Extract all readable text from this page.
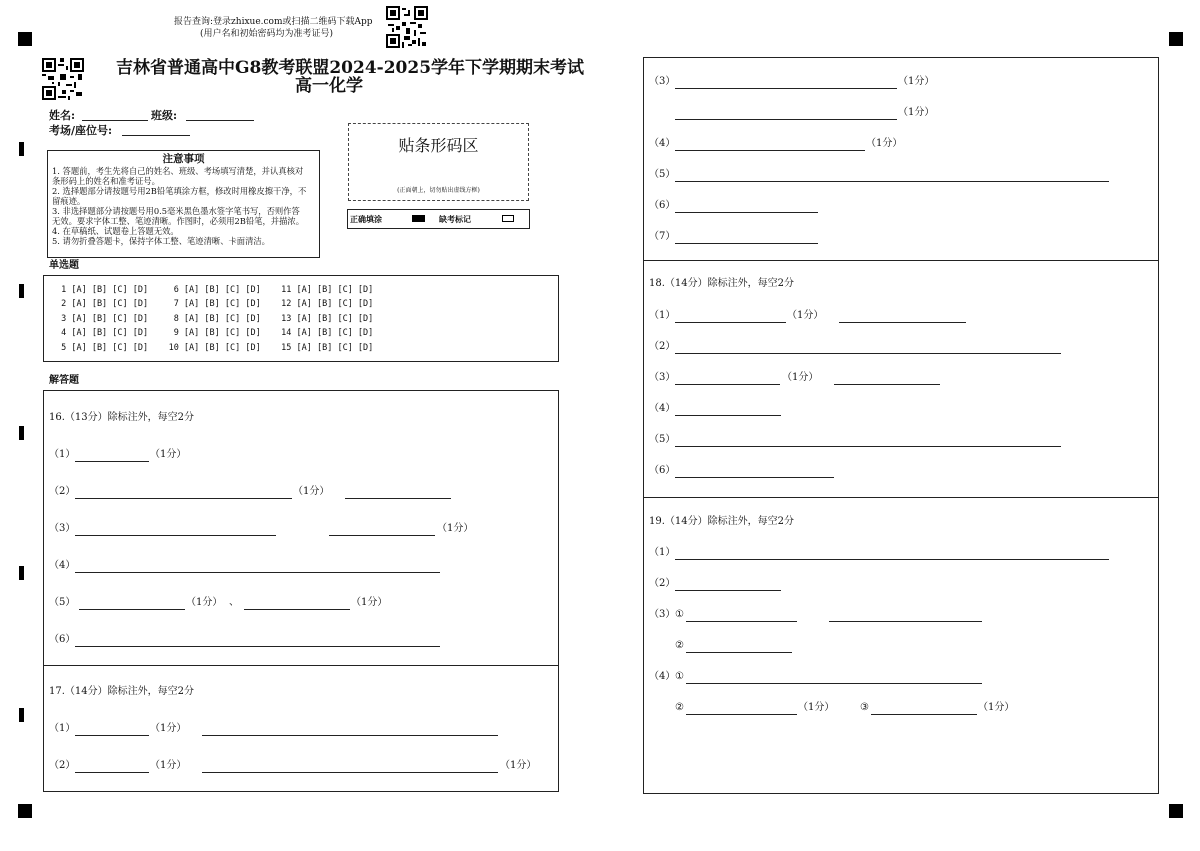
报告查询:登录zhixue.com或扫描二维码下载App
(用户名和初始密码均为准考证号)
吉林省普通高中G8教考联盟2024-2025学年下学期期末考试
高一化学
姓名:	班级:
考场/座位号:
注意事项

1. 答题前，考生先将自己的姓名、班级、考场填写清楚，并认真核对

条形码上的姓名和准考证号。

2. 选择题部分请按题号用2B铅笔填涂方框，修改时用橡皮擦干净，不

留痕迹。

3. 非选择题部分请按题号用0.5毫米黑色墨水签字笔书写，否则作答

无效。要求字体工整、笔迹清晰。作图时，必须用2B铅笔，并描浓。

4. 在草稿纸、试题卷上答题无效。

5. 请勿折叠答题卡，保持字体工整、笔迹清晰、卡面清洁。

贴条形码区
(正面朝上，切勿贴出虚线方框)
正确填涂	缺考标记
单选题
1 [A] [B] [C] [D]     6 [A] [B] [C] [D]    11 [A] [B] [C] [D]
2 [A] [B] [C] [D]     7 [A] [B] [C] [D]    12 [A] [B] [C] [D]
3 [A] [B] [C] [D]     8 [A] [B] [C] [D]    13 [A] [B] [C] [D]
4 [A] [B] [C] [D]     9 [A] [B] [C] [D]    14 [A] [B] [C] [D]
5 [A] [B] [C] [D]    10 [A] [B] [C] [D]    15 [A] [B] [C] [D]
解答题
16.（13分）除标注外，每空2分
（1）	（1分）
（2）	（1分）
（3）	（1分）
（4）
（5）	（1分） 、	（1分）
（6）
17.（14分）除标注外，每空2分
（1）	（1分）
（2）	（1分）	（1分）
（3）	（1分）
（1分）
（4）	（1分）
（5）
（6）
（7）
18.（14分）除标注外，每空2分
（1）	（1分）
（2）
（3）	（1分）
（4）
（5）
（6）
19.（14分）除标注外，每空2分
（1）
（2）
（3） ①
②
（4） ①
②	（1分）	③	（1分）
